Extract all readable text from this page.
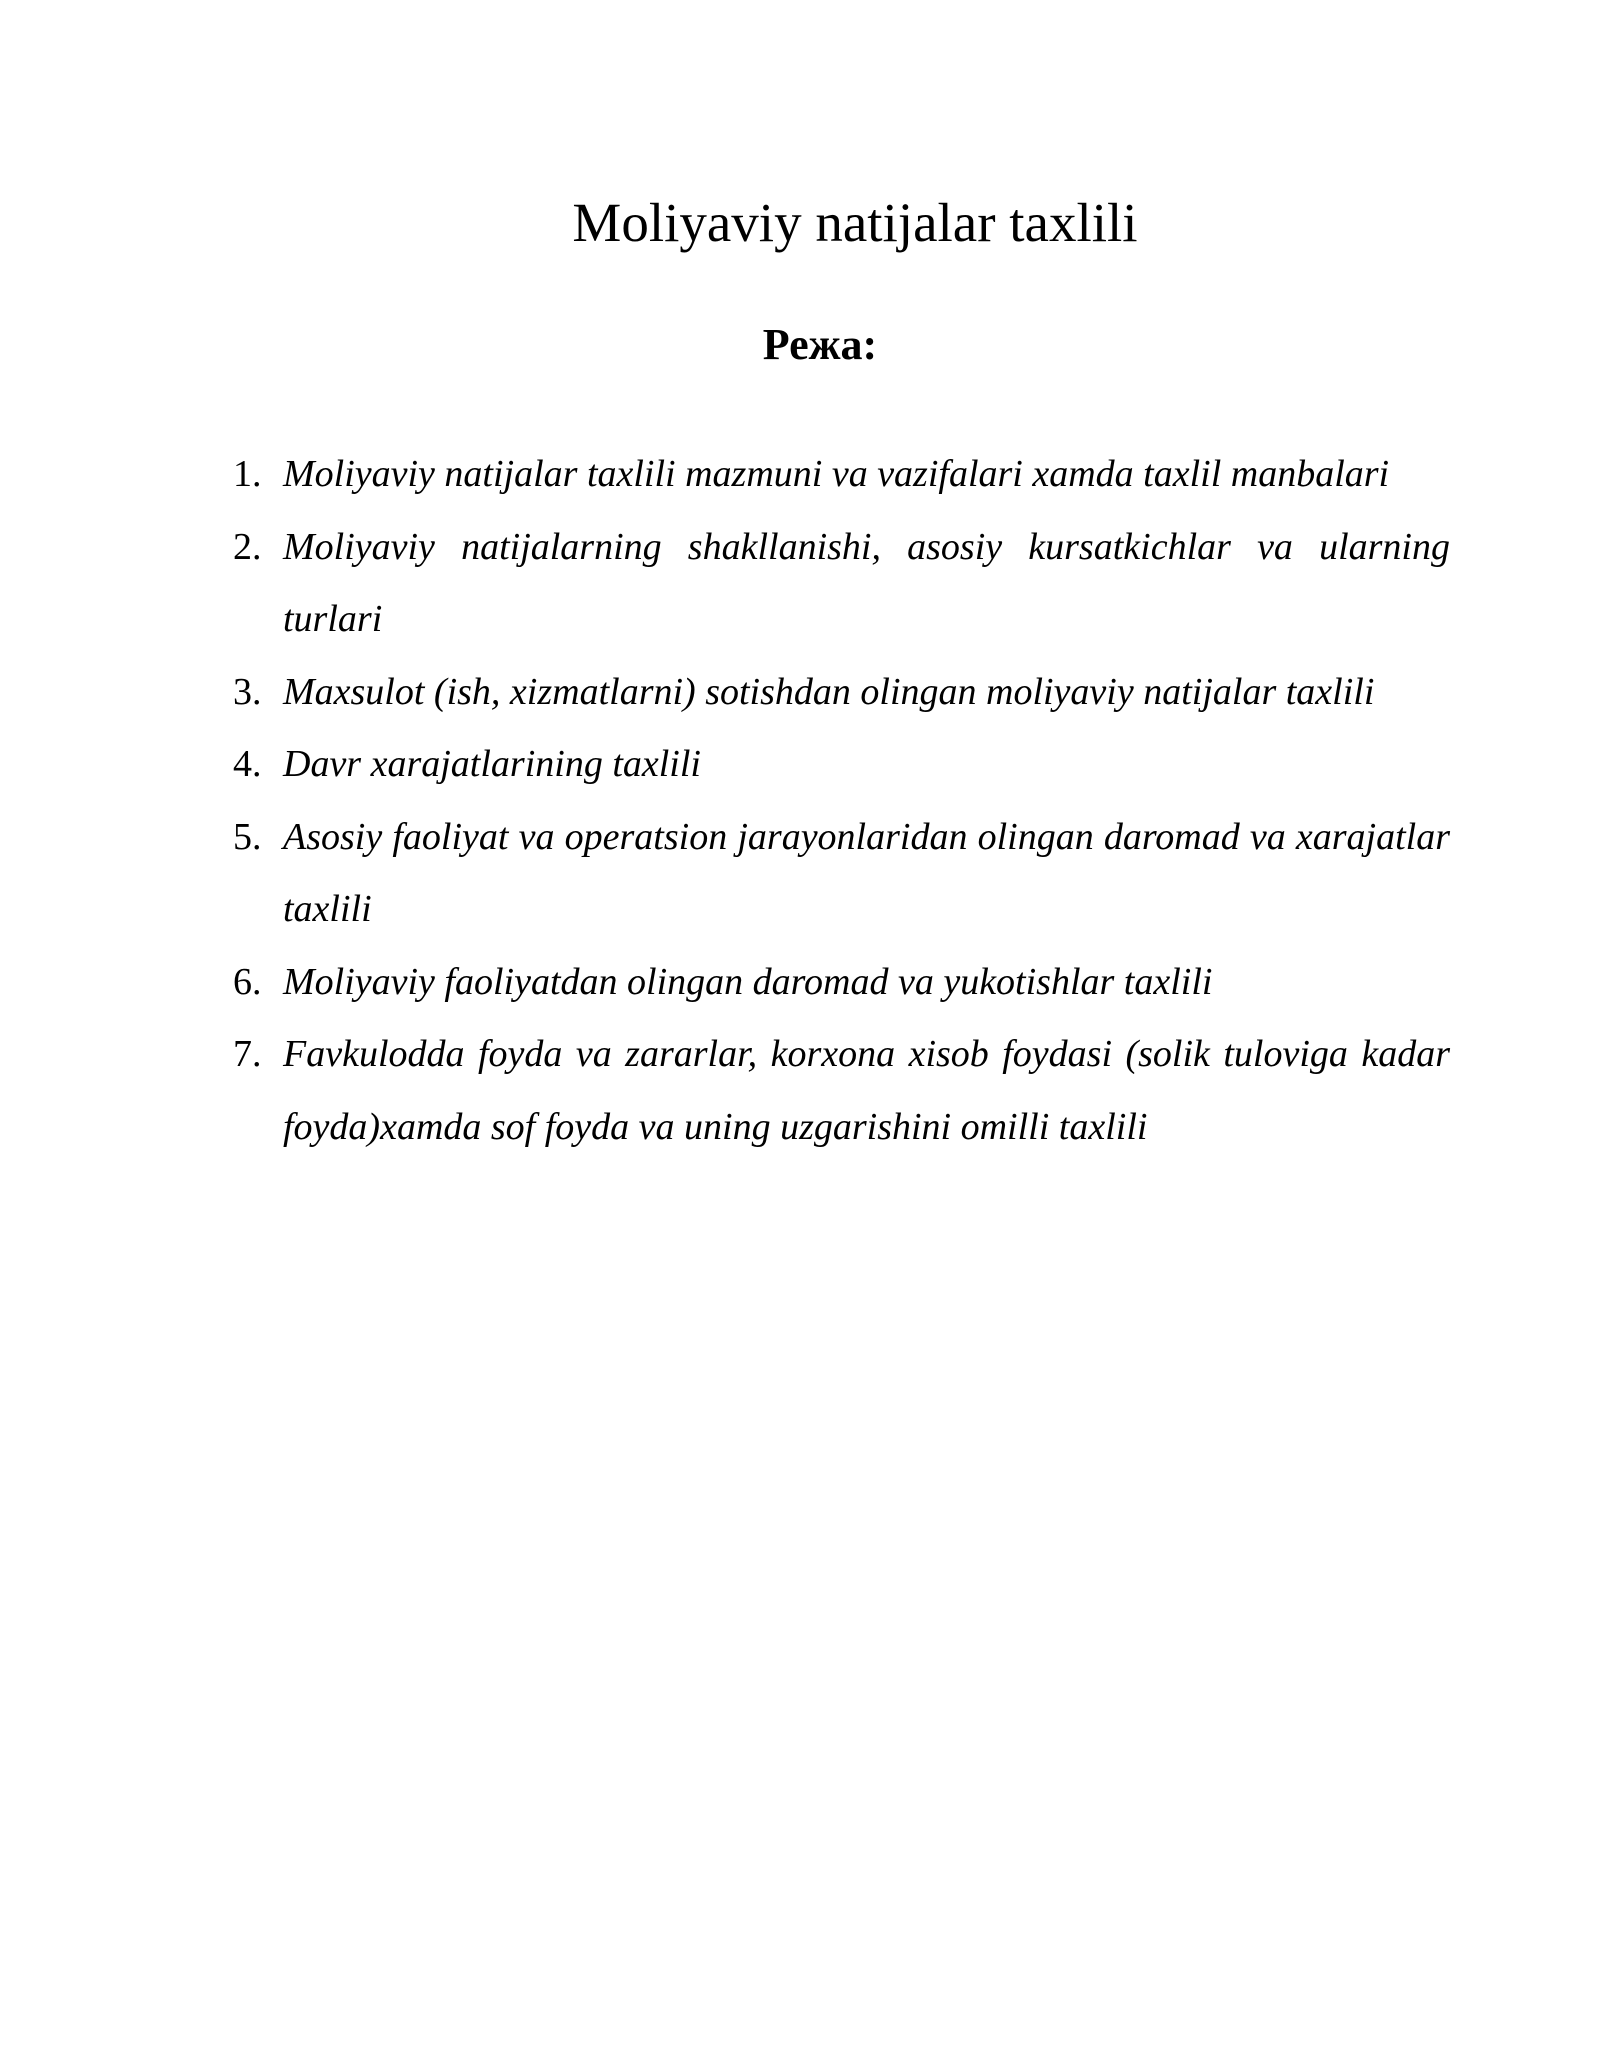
Moliyaviy natijalar taxlili
Режа:
1. Moliyaviy natijalar taxlili mazmuni va vazifalari xamda taxlil manbalari
2. Moliyaviy natijalarning shakllanishi, asosiy kursatkichlar va ularning turlari
3. Maxsulot (ish, xizmatlarni) sotishdan olingan moliyaviy natijalar taxlili
4. Davr xarajatlarining taxlili
5. Asosiy faoliyat va operatsion jarayonlaridan olingan daromad va xarajatlar taxlili
6. Moliyaviy faoliyatdan olingan daromad va yukotishlar taxlili
7. Favkulodda foyda va zararlar, korxona xisob foydasi (solik tuloviga kadar foyda)xamda sof foyda va uning uzgarishini omilli taxlili
